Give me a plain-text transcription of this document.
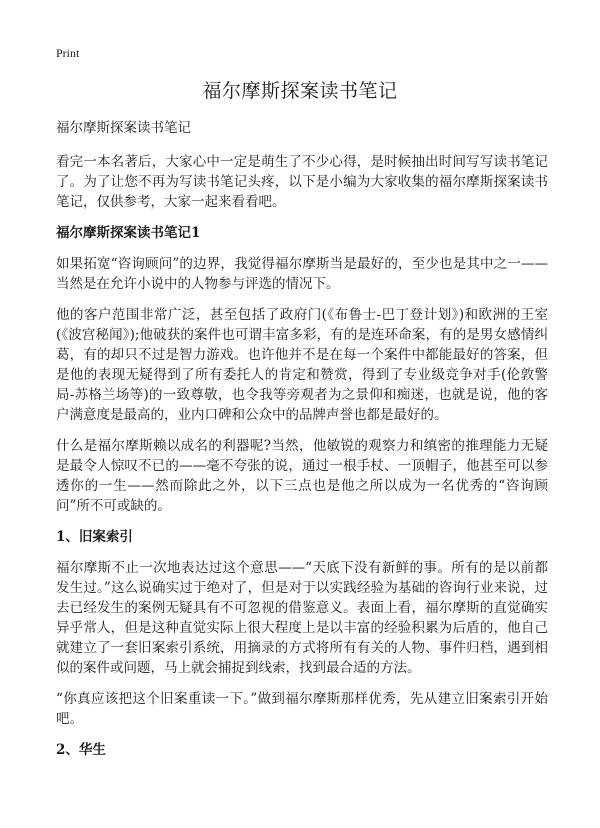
Print
福尔摩斯探案读书笔记

福尔摩斯探案读书笔记

看完一本名著后，大家心中一定是萌生了不少心得，是时候抽出时间写写读书笔记了。为了让您不再为写读书笔记头疼，以下是小编为大家收集的福尔摩斯探案读书笔记，仅供参考，大家一起来看看吧。

福尔摩斯探案读书笔记1

如果拓宽“咨询顾问”的边界，我觉得福尔摩斯当是最好的，至少也是其中之一——当然是在允许小说中的人物参与评选的情况下。

他的客户范围非常广泛，甚至包括了政府门(《布鲁士-巴丁登计划》)和欧洲的王室(《波宫秘闻》);他破获的案件也可谓丰富多彩，有的是连环命案，有的是男女感情纠葛，有的却只不过是智力游戏。也许他并不是在每一个案件中都能最好的答案，但是他的表现无疑得到了所有委托人的肯定和赞赏，得到了专业级竞争对手(伦敦警局-苏格兰场等)的一致尊敬，也令我等旁观者为之景仰和痴迷，也就是说，他的客户满意度是最高的，业内口碑和公众中的品牌声誉也都是最好的。

什么是福尔摩斯赖以成名的利器呢?当然，他敏锐的观察力和缜密的推理能力无疑是最令人惊叹不已的——毫不夸张的说，通过一根手杖、一顶帽子，他甚至可以参透你的一生——然而除此之外，以下三点也是他之所以成为一名优秀的“咨询顾问”所不可或缺的。

1、旧案索引

福尔摩斯不止一次地表达过这个意思——“天底下没有新鲜的事。所有的是以前都发生过。”这么说确实过于绝对了，但是对于以实践经验为基础的咨询行业来说，过去已经发生的案例无疑具有不可忽视的借鉴意义。表面上看，福尔摩斯的直觉确实异乎常人，但是这种直觉实际上很大程度上是以丰富的经验积累为后盾的，他自己就建立了一套旧案索引系统，用摘录的方式将所有有关的人物、事件归档，遇到相似的案件或问题，马上就会捕捉到线索，找到最合适的方法。

“你真应该把这个旧案重读一下。”做到福尔摩斯那样优秀，先从建立旧案索引开始吧。

2、华生
